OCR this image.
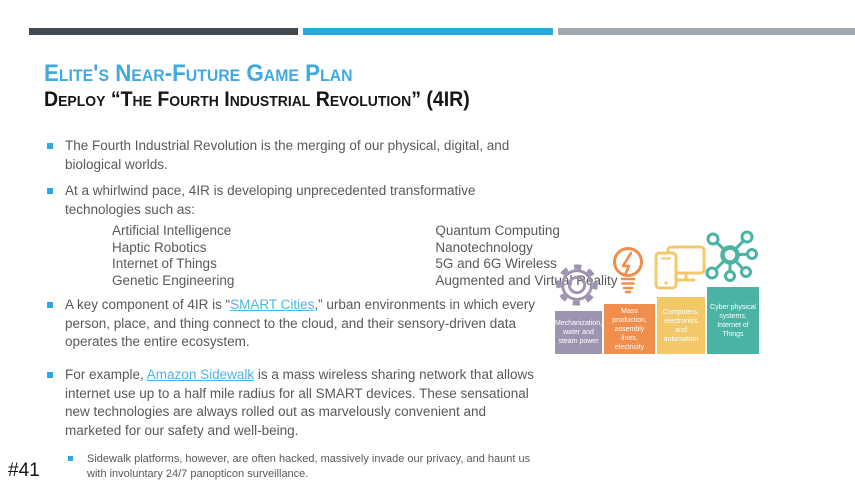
Elite's Near-Future Game Plan
Deploy “The Fourth Industrial Revolution” (4IR)

The Fourth Industrial Revolution is the merging of our physical, digital, and biological worlds.

At a whirlwind pace, 4IR is developing unprecedented transformative technologies such as:

Artificial Intelligence
Haptic Robotics
Internet of Things
Genetic Engineering
Quantum Computing
Nanotechnology
5G and 6G Wireless
Augmented and Virtual Reality

A key component of 4IR is “SMART Cities,” urban environments in which every person, place, and thing connect to the cloud, and their sensory-driven data operates the entire ecosystem.

For example, Amazon Sidewalk is a mass wireless sharing network that allows internet use up to a half mile radius for all SMART devices. These sensational new technologies are always rolled out as marvelously convenient and marketed for our safety and well-being.

Sidewalk platforms, however, are often hacked, massively invade our privacy, and haunt us with involuntary 24/7 panopticon surveillance.

Mechanization, water and steam power
Mass production, assembly lines, electricity
Computers, electronics and automation
Cyber physical systems, Internet of Things
#41
